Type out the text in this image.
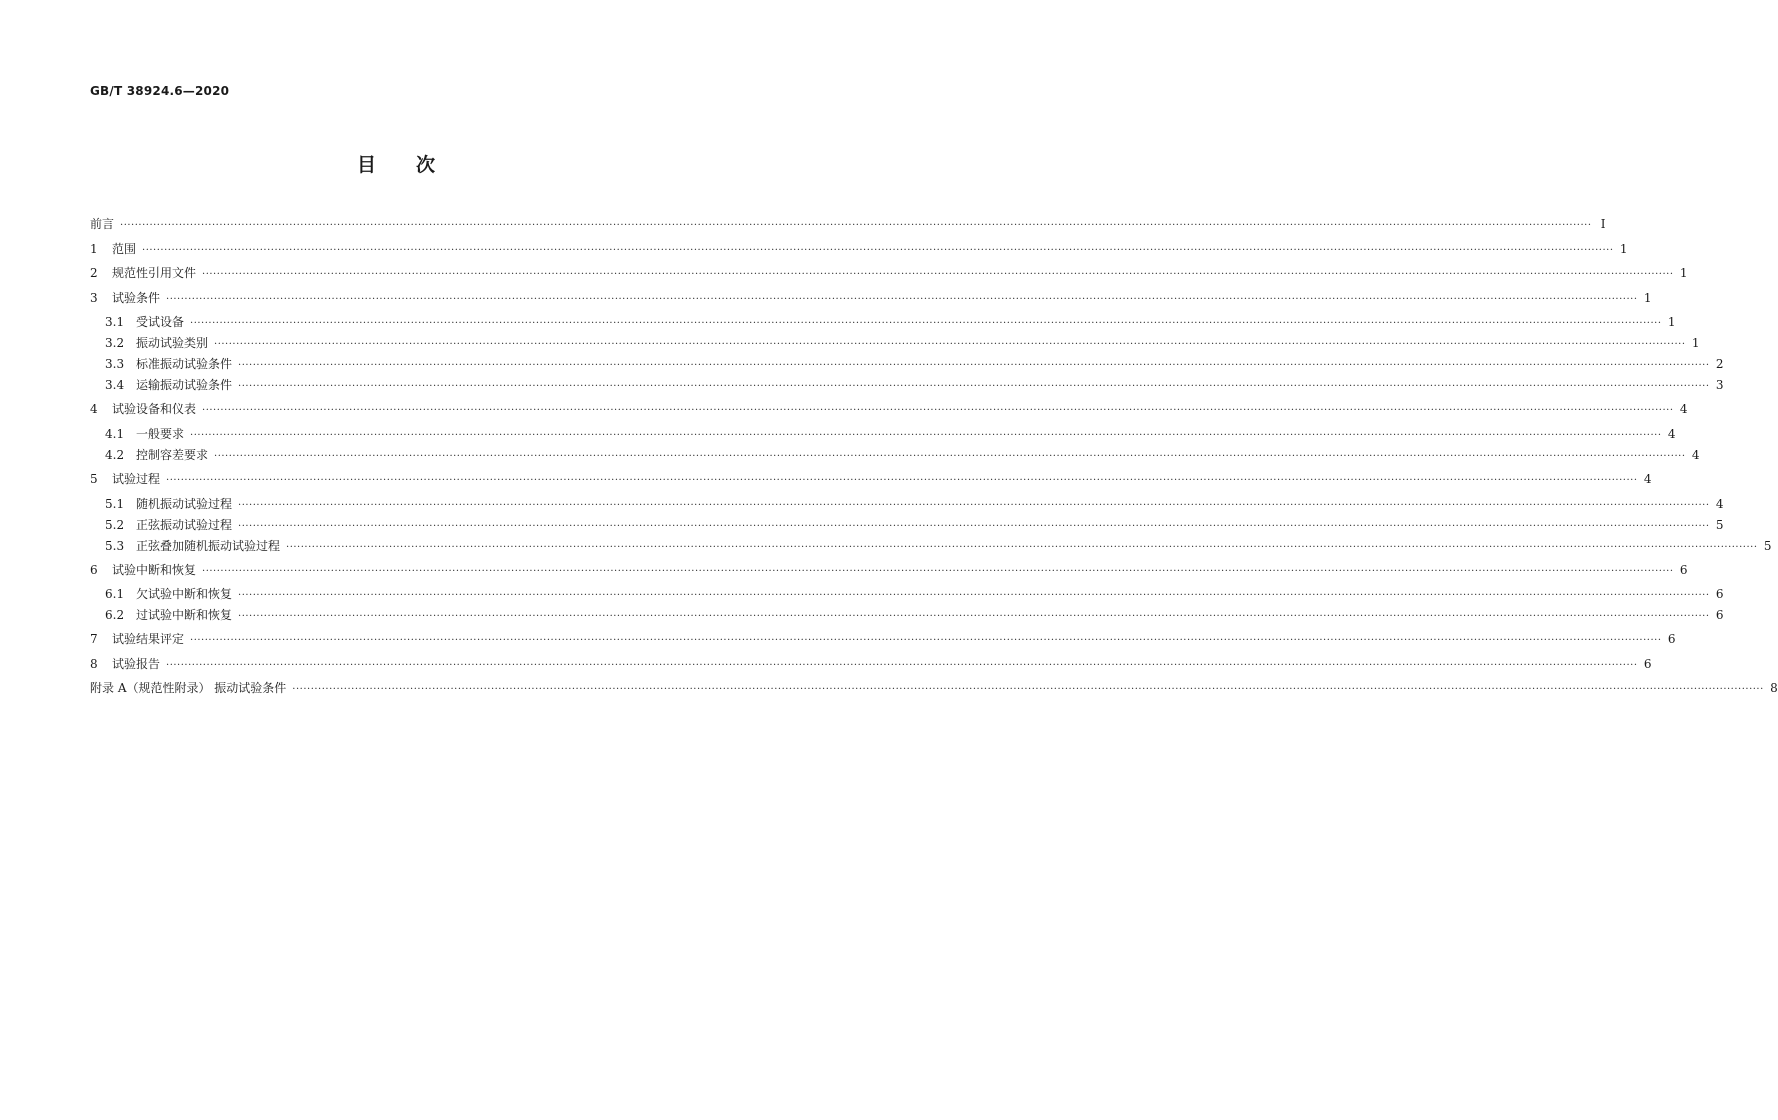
GB/T 38924.6—2020
目 次
前言 ················································································································································································································································································································································································································ Ⅰ
1 范围 ················································································································································································································································································································································································································ 1
2 规范性引用文件 ················································································································································································································································································································································································································ 1
3 试验条件 ················································································································································································································································································································································································································ 1
3.1 受试设备 ················································································································································································································································································································································································································ 1
3.2 振动试验类别 ················································································································································································································································································································································································································ 1
3.3 标准振动试验条件 ················································································································································································································································································································································································································ 2
3.4 运输振动试验条件 ················································································································································································································································································································································································································ 3
4 试验设备和仪表 ················································································································································································································································································································································································································ 4
4.1 一般要求 ················································································································································································································································································································································································································ 4
4.2 控制容差要求 ················································································································································································································································································································································································································ 4
5 试验过程 ················································································································································································································································································································································································································ 4
5.1 随机振动试验过程 ················································································································································································································································································································································································································ 4
5.2 正弦振动试验过程 ················································································································································································································································································································································································································ 5
5.3 正弦叠加随机振动试验过程 ················································································································································································································································································································································································································ 5
6 试验中断和恢复 ················································································································································································································································································································································································································ 6
6.1 欠试验中断和恢复 ················································································································································································································································································································································································································ 6
6.2 过试验中断和恢复 ················································································································································································································································································································································································································ 6
7 试验结果评定 ················································································································································································································································································································································································································ 6
8 试验报告 ················································································································································································································································································································································································································ 6
附录 A（规范性附录） 振动试验条件 ················································································································································································································································································································································································································ 8
